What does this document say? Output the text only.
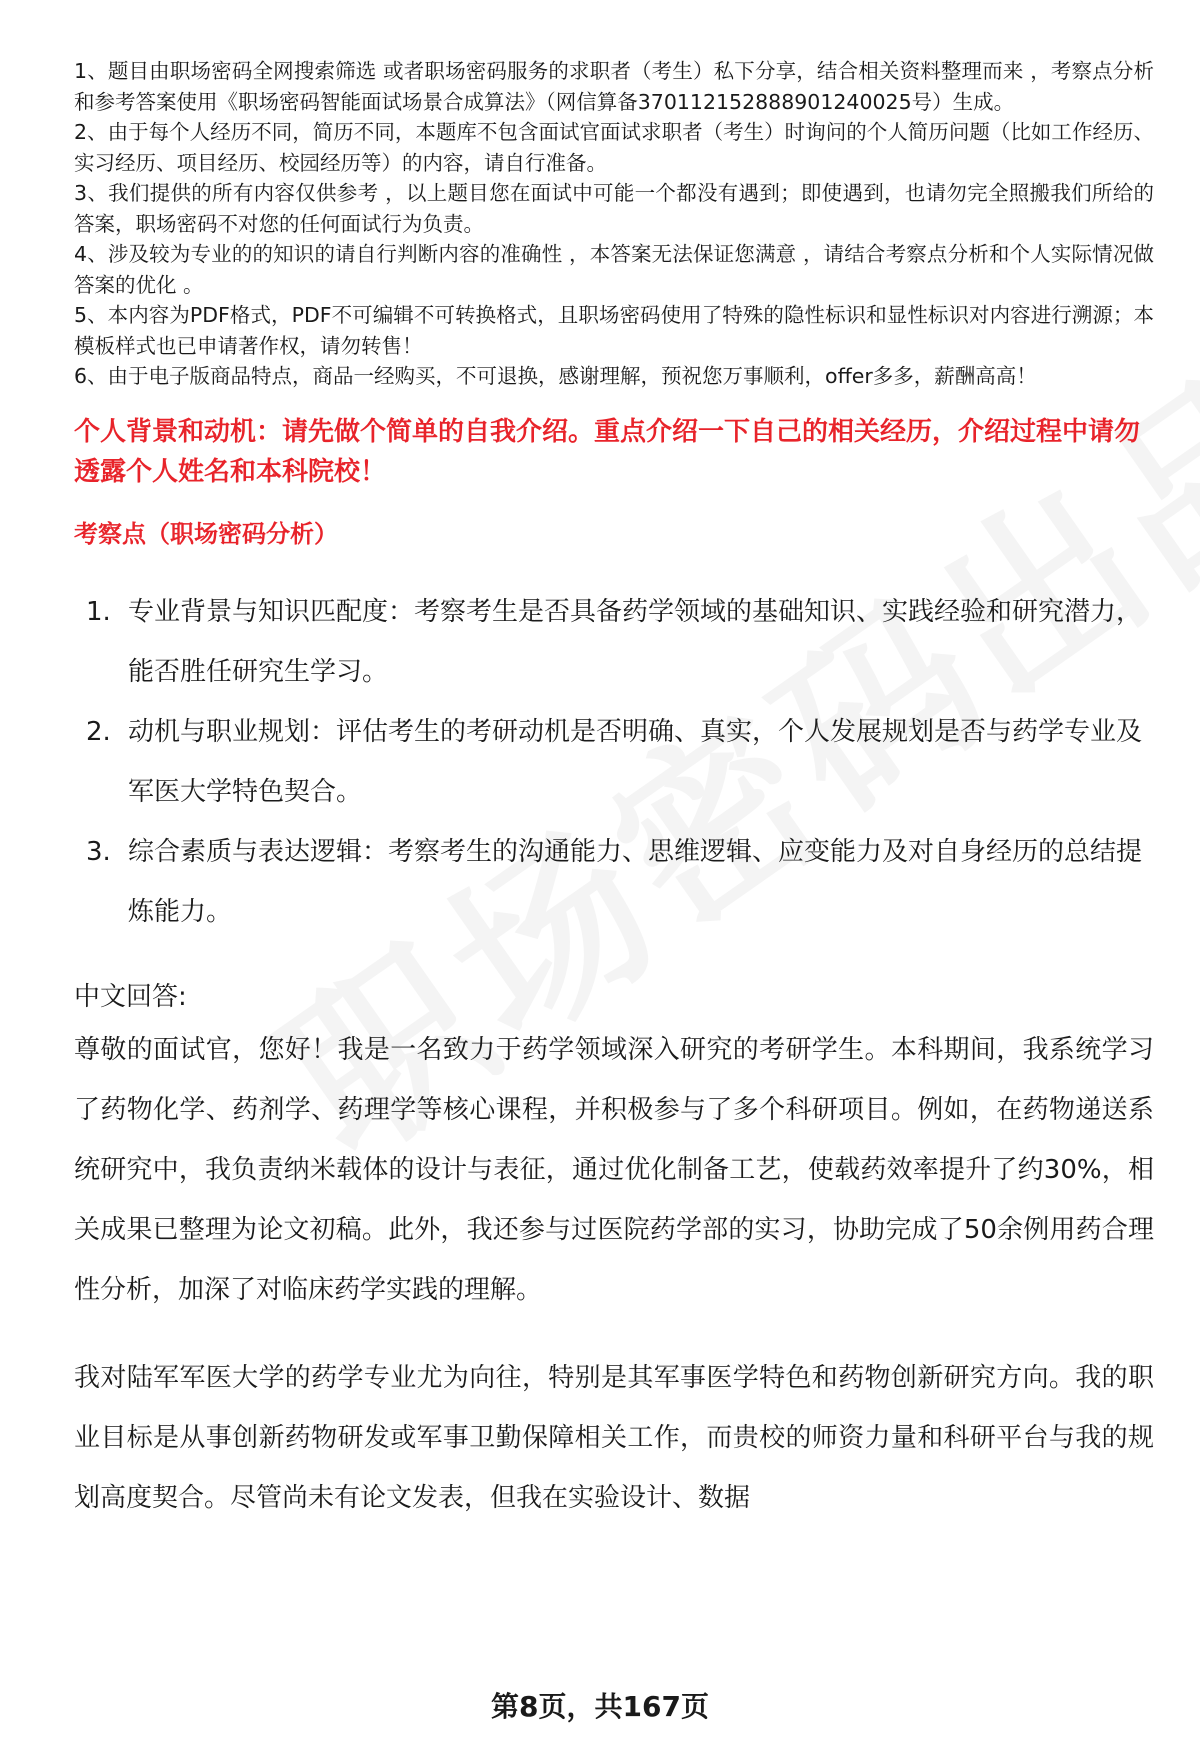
1、题目由职场密码全网搜索筛选 或者职场密码服务的求职者（考生）私下分享，结合相关资料整理而来 ，考察点分析和参考答案使用《职场密码智能面试场景合成算法》（网信算备370112152888901240025号）生成。

2、由于每个人经历不同，简历不同，本题库不包含面试官面试求职者（考生）时询问的个人简历问题（比如工作经历、实习经历、项目经历、校园经历等）的内容，请自行准备。

3、我们提供的所有内容仅供参考 ，以上题目您在面试中可能一个都没有遇到；即使遇到，也请勿完全照搬我们所给的答案，职场密码不对您的任何面试行为负责。

4、涉及较为专业的的知识的请自行判断内容的准确性 ，本答案无法保证您满意 ，请结合考察点分析和个人实际情况做答案的优化 。

5、本内容为PDF格式，PDF不可编辑不可转换格式，且职场密码使用了特殊的隐性标识和显性标识对内容进行溯源；本模板样式也已申请著作权，请勿转售！

6、由于电子版商品特点，商品一经购买，不可退换，感谢理解，预祝您万事顺利，offer多多，薪酬高高！

个人背景和动机：请先做个简单的自我介绍。重点介绍一下自己的相关经历，介绍过程中请勿透露个人姓名和本科院校！
考察点（职场密码分析）
1. 专业背景与知识匹配度：考察考生是否具备药学领域的基础知识、实践经验和研究潜力，能否胜任研究生学习。
2. 动机与职业规划：评估考生的考研动机是否明确、真实，个人发展规划是否与药学专业及军医大学特色契合。
3. 综合素质与表达逻辑：考察考生的沟通能力、思维逻辑、应变能力及对自身经历的总结提炼能力。
中文回答:

尊敬的面试官，您好！我是一名致力于药学领域深入研究的考研学生。本科期间，我系统学习了药物化学、药剂学、药理学等核心课程，并积极参与了多个科研项目。例如，在药物递送系统研究中，我负责纳米载体的设计与表征，通过优化制备工艺，使载药效率提升了约30%，相关成果已整理为论文初稿。此外，我还参与过医院药学部的实习，协助完成了50余例用药合理性分析，加深了对临床药学实践的理解。

我对陆军军医大学的药学专业尤为向往，特别是其军事医学特色和药物创新研究方向。我的职业目标是从事创新药物研发或军事卫勤保障相关工作，而贵校的师资力量和科研平台与我的规划高度契合。尽管尚未有论文发表，但我在实验设计、数据

第8页，共167页
